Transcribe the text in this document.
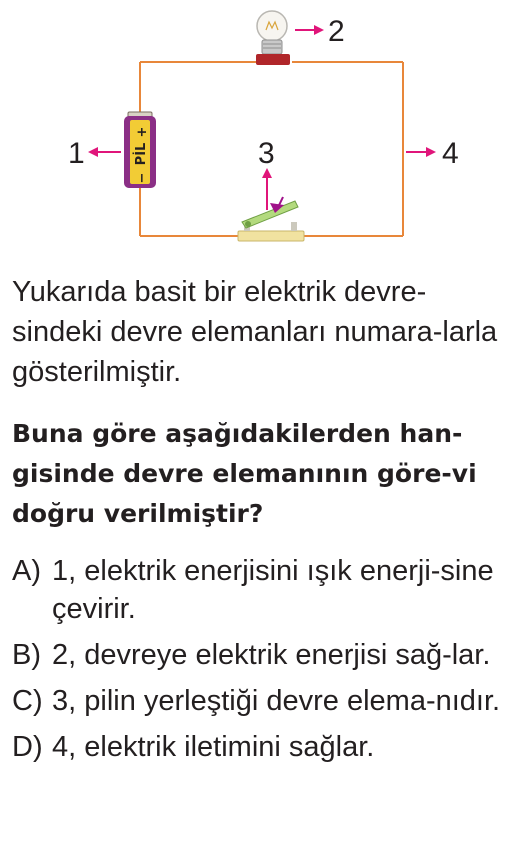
PİL
+
−
2
1	3	4

Yukarıda basit bir elektrik devre-sindeki devre elemanları numara-larla gösterilmiştir.

Buna göre aşağıdakilerden han-gisinde devre elemanının göre-vi doğru verilmiştir?

A) 1, elektrik enerjisini ışık enerji-sine çevirir.
B) 2, devreye elektrik enerjisi sağ-lar.
C) 3, pilin yerleştiği devre elema-nıdır.
D) 4, elektrik iletimini sağlar.
